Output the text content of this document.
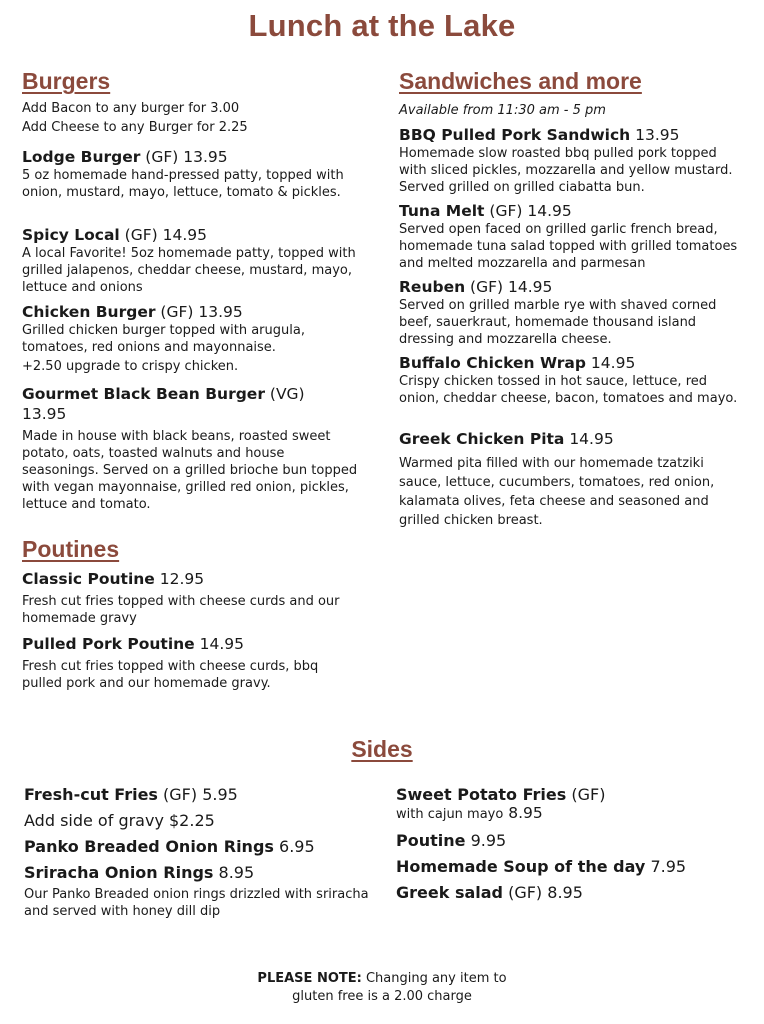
Lunch at the Lake
Burgers

Add Bacon to any burger for 3.00

Add Cheese to any Burger for 2.25

Lodge Burger (GF) 13.95

5 oz homemade hand-pressed patty, topped with onion, mustard, mayo, lettuce, tomato & pickles.

Spicy Local (GF) 14.95

A local Favorite! 5oz homemade patty, topped with grilled jalapenos, cheddar cheese, mustard, mayo, lettuce and onions

Chicken Burger (GF) 13.95

Grilled chicken burger topped with arugula, tomatoes, red onions and mayonnaise.

+2.50 upgrade to crispy chicken.

Gourmet Black Bean Burger (VG)

13.95

Made in house with black beans, roasted sweet potato, oats, toasted walnuts and house seasonings. Served on a grilled brioche bun topped with vegan mayonnaise, grilled red onion, pickles, lettuce and tomato.

Poutines

Classic Poutine 12.95

Fresh cut fries topped with cheese curds and our homemade gravy

Pulled Pork Poutine 14.95

Fresh cut fries topped with cheese curds, bbq pulled pork and our homemade gravy.

Sandwiches and more

Available from 11:30 am - 5 pm

BBQ Pulled Pork Sandwich 13.95

Homemade slow roasted bbq pulled pork topped with sliced pickles, mozzarella and yellow mustard. Served grilled on grilled ciabatta bun.

Tuna Melt (GF) 14.95

Served open faced on grilled garlic french bread, homemade tuna salad topped with grilled tomatoes and melted mozzarella and parmesan

Reuben (GF) 14.95

Served on grilled marble rye with shaved corned beef, sauerkraut, homemade thousand island dressing and mozzarella cheese.

Buffalo Chicken Wrap 14.95

Crispy chicken tossed in hot sauce, lettuce, red onion, cheddar cheese, bacon, tomatoes and mayo.

Greek Chicken Pita 14.95

Warmed pita filled with our homemade tzatziki sauce, lettuce, cucumbers, tomatoes, red onion, kalamata olives, feta cheese and seasoned and grilled chicken breast.

Sides

Fresh-cut Fries (GF) 5.95

Add side of gravy $2.25

Panko Breaded Onion Rings 6.95

Sriracha Onion Rings 8.95

Our Panko Breaded onion rings drizzled with sriracha and served with honey dill dip

Sweet Potato Fries (GF)

with cajun mayo 8.95

Poutine 9.95

Homemade Soup of the day 7.95

Greek salad (GF) 8.95

PLEASE NOTE: Changing any item to
gluten free is a 2.00 charge
